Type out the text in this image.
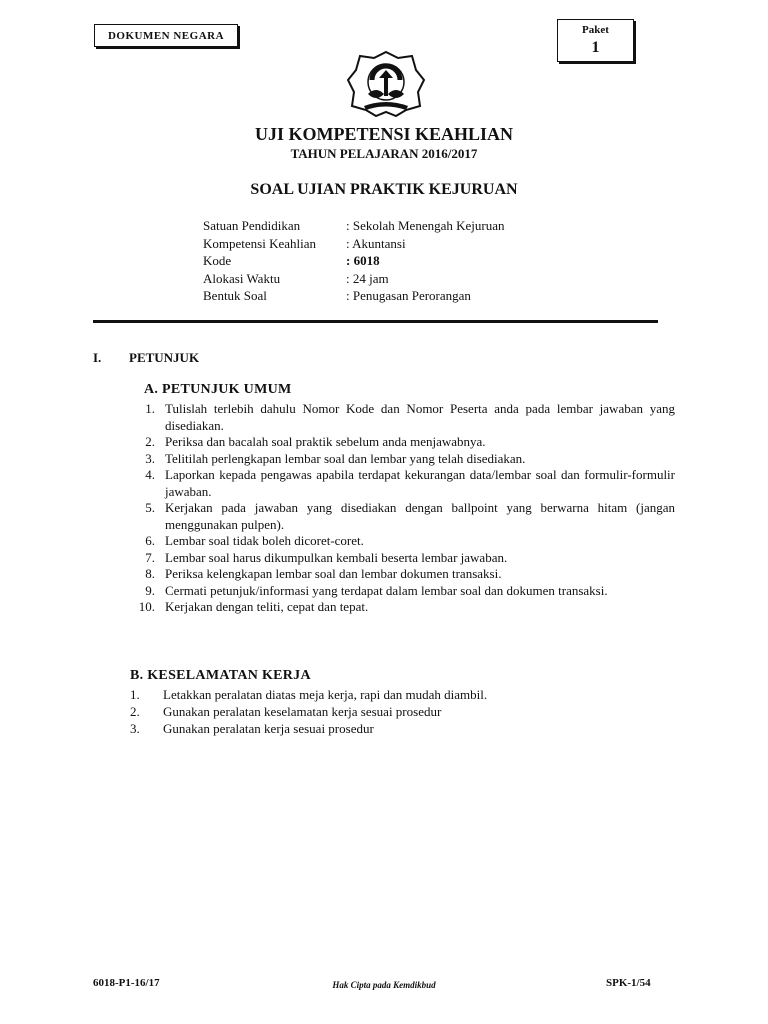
DOKUMEN NEGARA	Paket
1
UJI KOMPETENSI KEAHLIAN
TAHUN PELAJARAN 2016/2017
SOAL UJIAN PRAKTIK KEJURUAN
Satuan Pendidikan	: Sekolah Menengah Kejuruan
Kompetensi Keahlian	: Akuntansi
Kode	: 6018
Alokasi Waktu	: 24 jam
Bentuk Soal	: Penugasan Perorangan
I. PETUNJUK
A. PETUNJUK UMUM
1. Tulislah terlebih dahulu Nomor Kode dan Nomor Peserta anda pada lembar jawaban yang disediakan.
2. Periksa dan bacalah soal praktik sebelum anda menjawabnya.
3. Telitilah perlengkapan lembar soal dan lembar yang telah disediakan.
4. Laporkan kepada pengawas apabila terdapat kekurangan data/lembar soal dan formulir-formulir jawaban.
5. Kerjakan pada jawaban yang disediakan dengan ballpoint yang berwarna hitam (jangan menggunakan pulpen).
6. Lembar soal tidak boleh dicoret-coret.
7. Lembar soal harus dikumpulkan kembali beserta lembar jawaban.
8. Periksa kelengkapan lembar soal dan lembar dokumen transaksi.
9. Cermati petunjuk/informasi yang terdapat dalam lembar soal dan dokumen transaksi.
10. Kerjakan dengan teliti, cepat dan tepat.
B. KESELAMATAN KERJA
1.	Letakkan peralatan diatas meja kerja, rapi dan mudah diambil.
2.	Gunakan peralatan keselamatan kerja sesuai prosedur
3.	Gunakan peralatan kerja sesuai prosedur
6018-P1-16/17	Hak Cipta pada Kemdikbud	SPK-1/54
